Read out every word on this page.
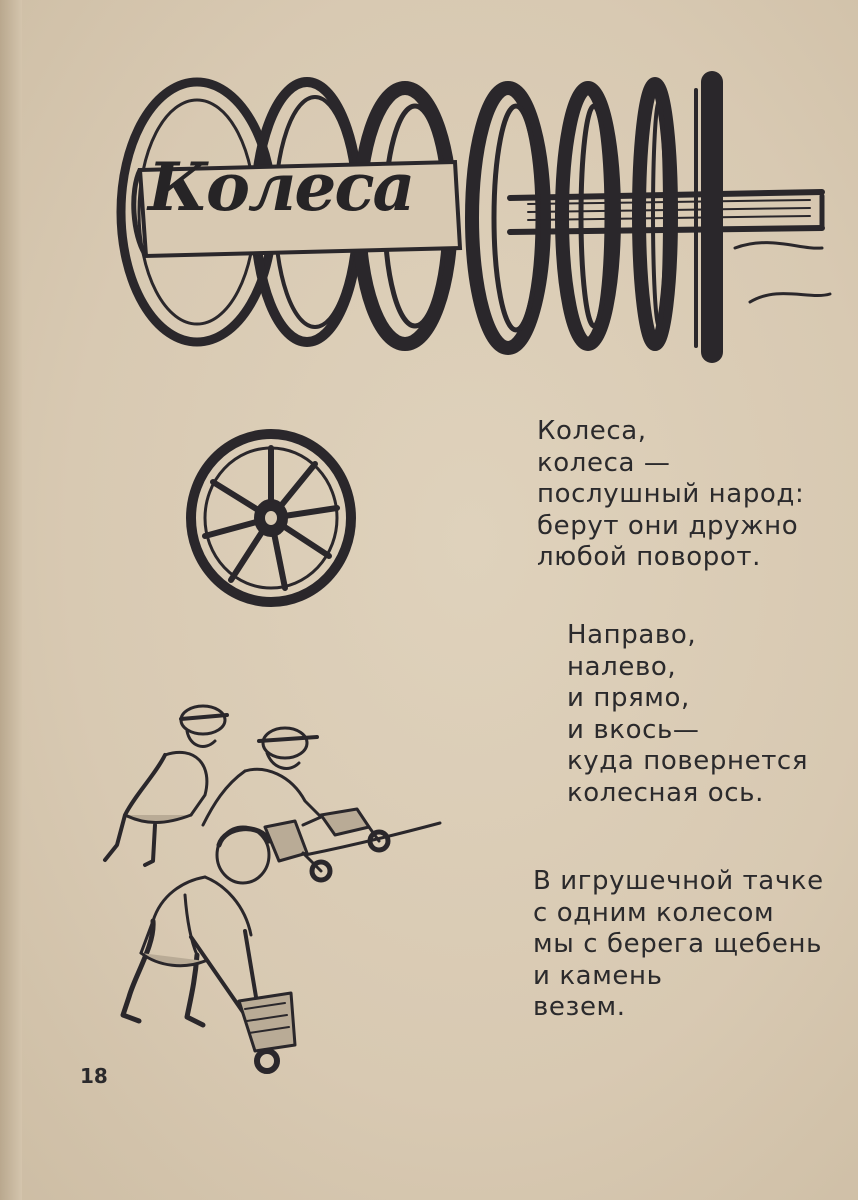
Колеса
Колеса,
колеса —
послушный народ:
берут они дружно
любой поворот.
Направо,
налево,
и прямо,
и вкось—
куда повернется
колесная ось.
В игрушечной тачке
с одним колесом
мы с берега щебень
и камень
везем.
18
